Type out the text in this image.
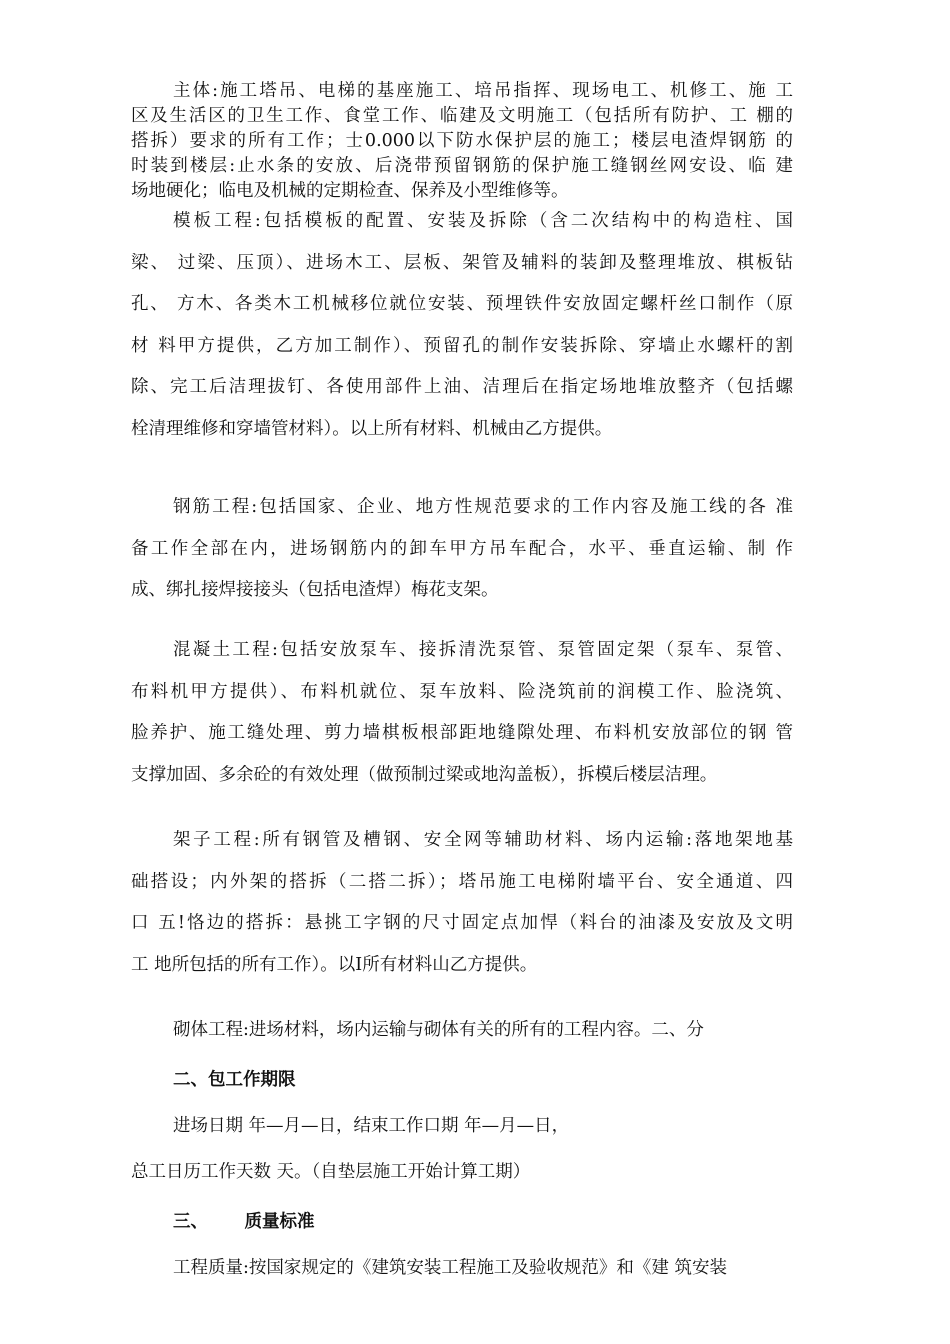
主体:施工塔吊、电梯的基座施工、培吊指挥、现场电工、机修工、施 工
区及生活区的卫生工作、食堂工作、临建及文明施工（包括所有防护、工 棚的
搭拆）要求的所有工作；士0.000以下防水保护层的施工；楼层电渣焊钢筋 的
时装到楼层:止水条的安放、后浇带预留钢筋的保护施工缝钢丝网安设、临 建
场地硬化；临电及机械的定期检查、保养及小型维修等。
模板工程:包括模板的配置、安装及拆除（含二次结构中的构造柱、国
梁、 过梁、压顶）、进场木工、层板、架管及辅料的装卸及整理堆放、棋板钻
孔、 方木、各类木工机械移位就位安装、预埋铁件安放固定螺杆丝口制作（原
材 料甲方提供，乙方加工制作）、预留孔的制作安装拆除、穿墙止水螺杆的割
除、完工后洁理拔钉、各使用部件上油、洁理后在指定场地堆放整齐（包括螺
栓清理维修和穿墙管材料）。以上所有材料、机械由乙方提供。
钢筋工程:包括国家、企业、地方性规范要求的工作内容及施工线的各 准
备工作全部在内，进场钢筋内的卸车甲方吊车配合，水平、垂直运输、制 作
成、绑扎接焊接接头（包括电渣焊）梅花支架。
混凝土工程:包括安放泵车、接拆清洗泵管、泵管固定架（泵车、泵管、
布料机甲方提供）、布料机就位、泵车放料、险浇筑前的润模工作、脸浇筑、
脸养护、施工缝处理、剪力墙棋板根部距地缝隙处理、布料机安放部位的钢 管
支撑加固、多余砼的有效处理（做预制过梁或地沟盖板），拆模后楼层洁理。
架子工程:所有钢管及槽钢、安全网等辅助材料、场内运输:落地架地基
础搭设；内外架的搭拆（二搭二拆）；塔吊施工电梯附墙平台、安全通道、四
口 五!恪边的搭拆：悬挑工字钢的尺寸固定点加悍（料台的油漆及安放及文明
工 地所包括的所有工作）。以I所有材料山乙方提供。

砌体工程:进场材料，场内运输与砌体有关的所有的工程内容。二、分

二、包工作期限

进场日期 年—月—日，结束工作口期 年—月—日，

总工日历工作天数 天。（自垫层施工开始计算工期）

三、      质量标准

工程质量:按国家规定的《建筑安装工程施工及验收规范》和《建 筑安装
